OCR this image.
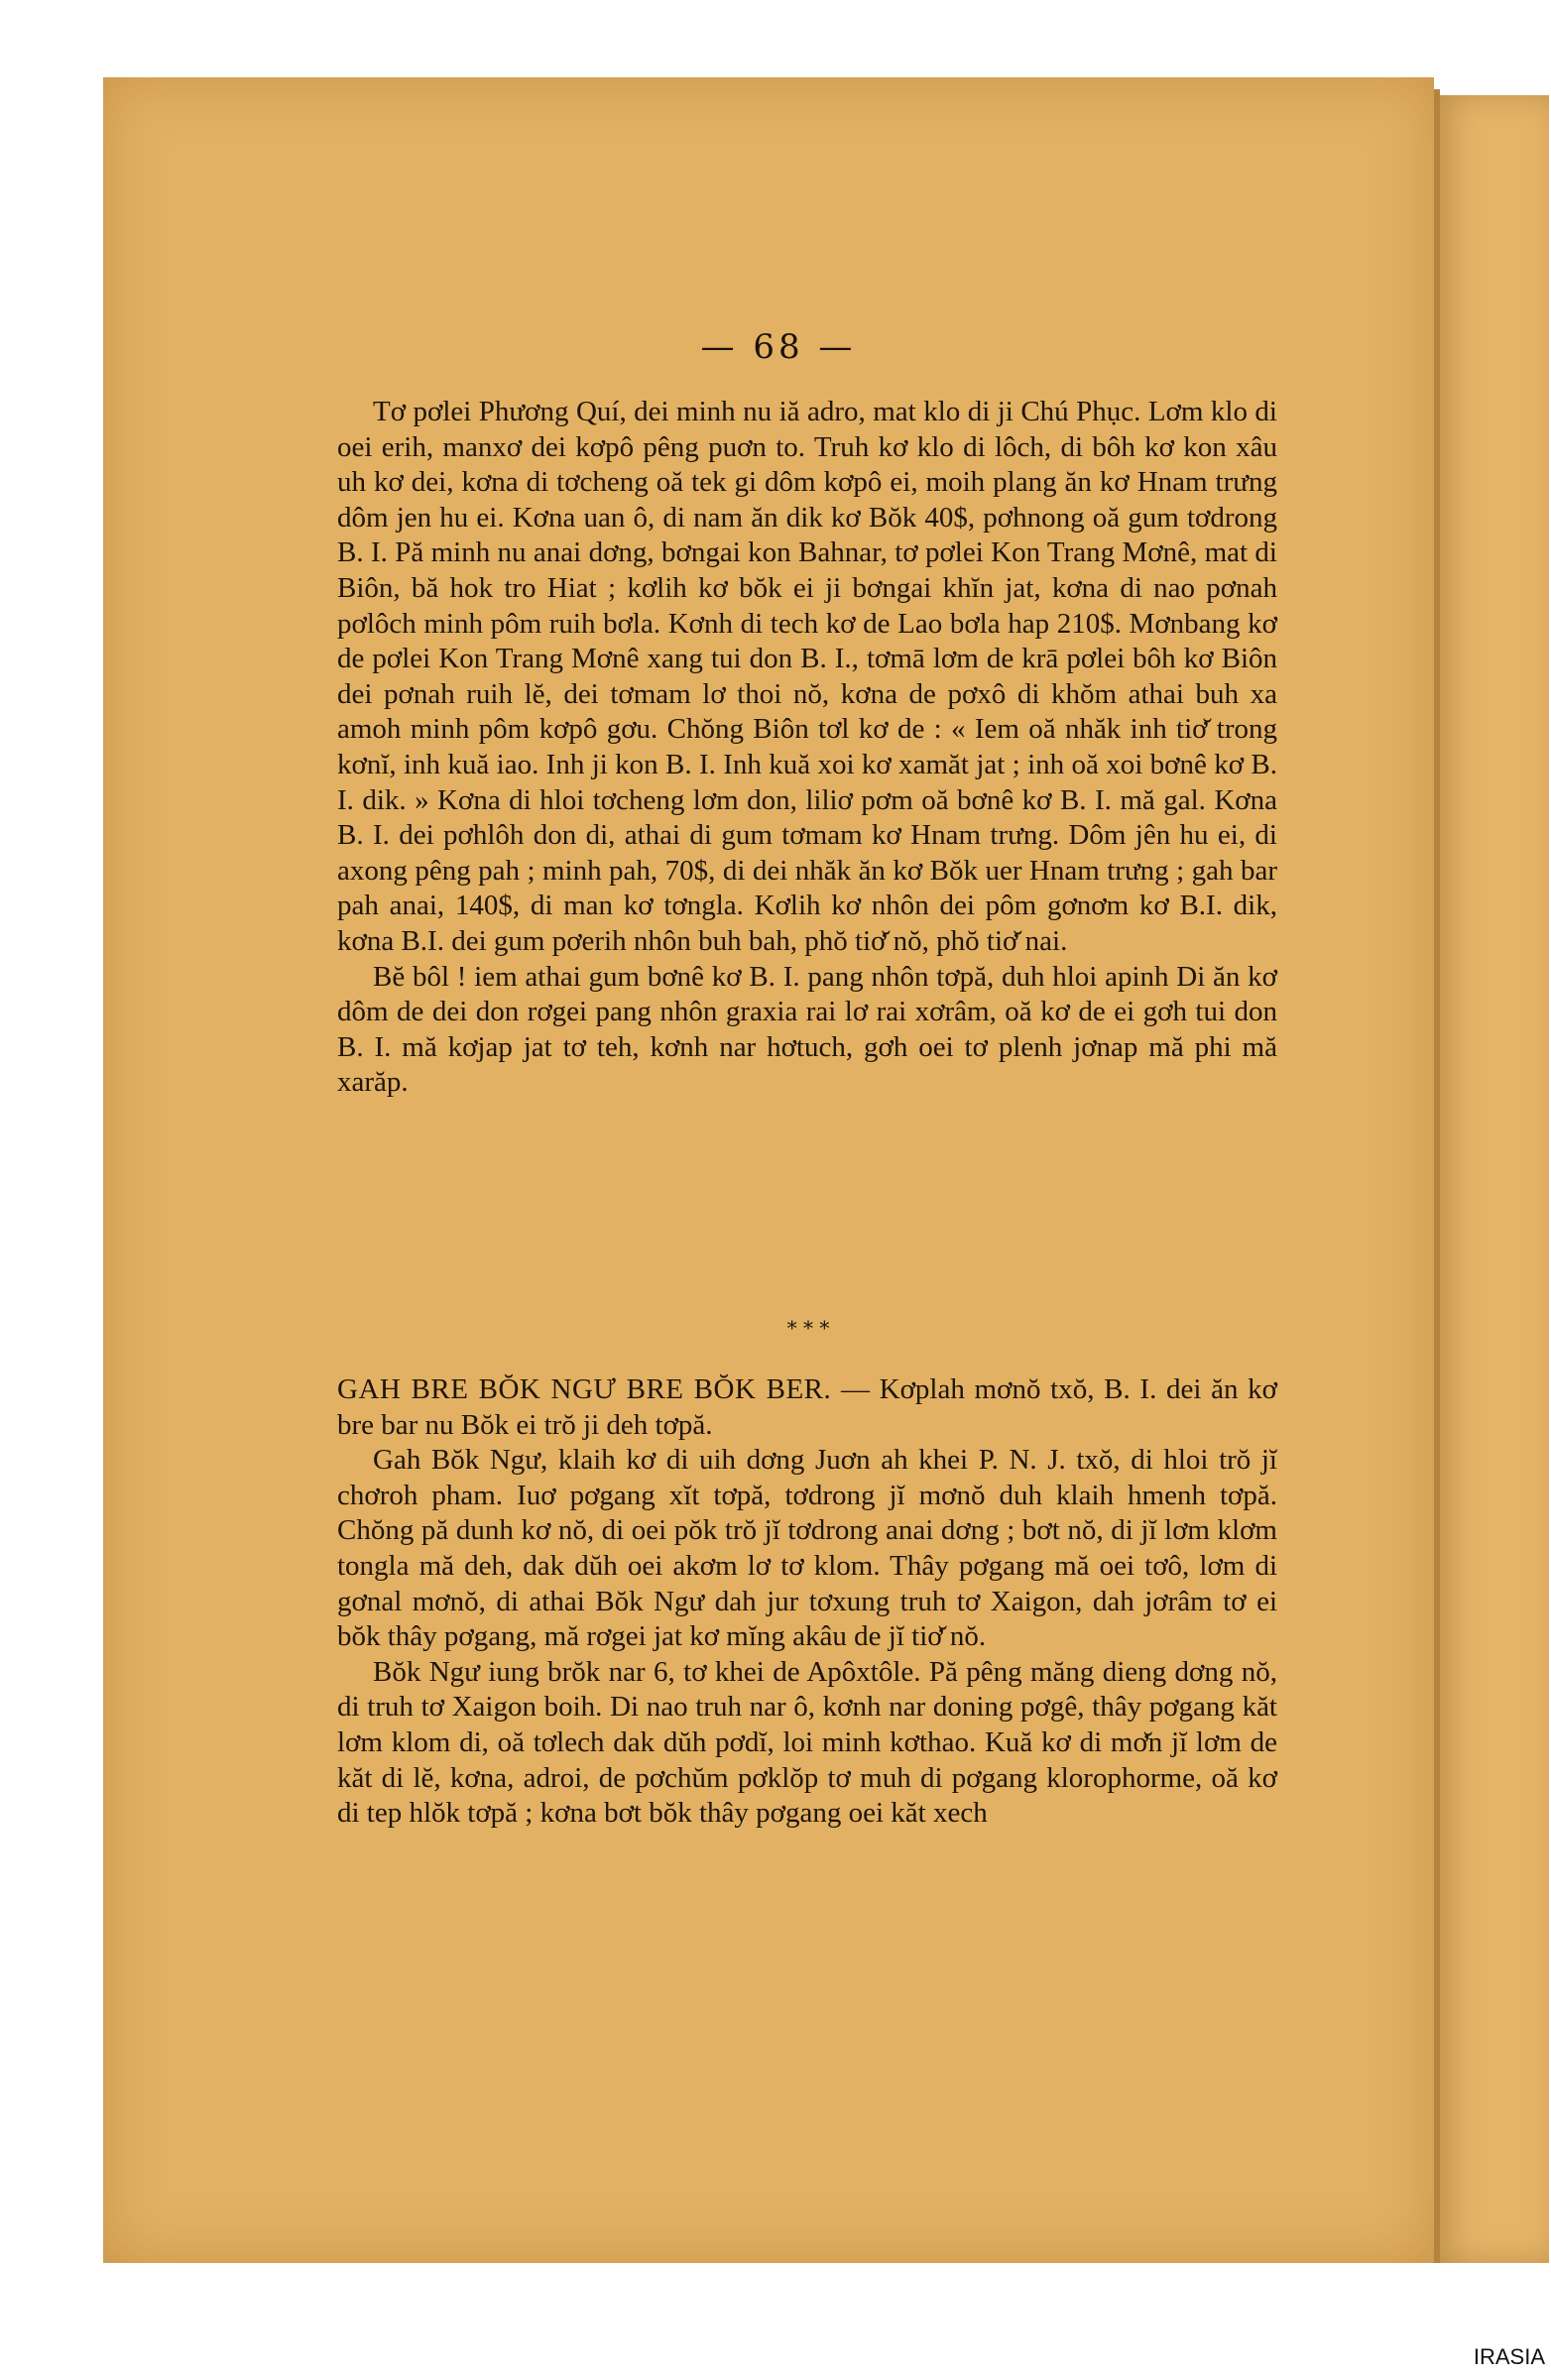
— 68 —

Tơ pơlei Phương Quí, dei minh nu iă adro, mat klo di ji Chú Phục. Lơm klo di oei erih, manxơ dei kơpô pêng puơn to. Truh kơ klo di lôch, di bôh kơ kon xâu uh kơ dei, kơna di tơcheng oă tek gi dôm kơpô ei, moih plang ăn kơ Hnam trưng dôm jen hu ei. Kơna uan ô, di nam ăn dik kơ Bŏk 40$, pơhnong oă gum tơdrong B. I. Pă minh nu anai dơng, bơngai kon Bahnar, tơ pơlei Kon Trang Mơnê, mat di Biôn, bă hok tro Hiat ; kơlih kơ bŏk ei ji bơngai khĭn jat, kơna di nao pơnah pơlôch minh pôm ruih bơla. Kơnh di tech kơ de Lao bơla hap 210$. Mơnbang kơ de pơlei Kon Trang Mơnê xang tui don B. I., tơmā lơm de krā pơlei bôh kơ Biôn dei pơnah ruih lĕ, dei tơmam lơ thoi nŏ, kơna de pơxô di khŏm athai buh xa amoh minh pôm kơpô gơu. Chŏng Biôn tơl kơ de : « Iem oă nhăk inh tiơ̆ trong kơnĭ, inh kuă iao. Inh ji kon B. I. Inh kuă xoi kơ xamăt jat ; inh oă xoi bơnê kơ B. I. dik. » Kơna di hloi tơcheng lơm don, liliơ pơm oă bơnê kơ B. I. mă gal. Kơna B. I. dei pơhlôh don di, athai di gum tơmam kơ Hnam trưng. Dôm jên hu ei, di axong pêng pah ; minh pah, 70$, di dei nhăk ăn kơ Bŏk uer Hnam trưng ; gah bar pah anai, 140$, di man kơ tơngla. Kơlih kơ nhôn dei pôm gơnơm kơ B.I. dik, kơna B.I. dei gum pơerih nhôn buh bah, phŏ tiơ̆ nŏ, phŏ tiơ̆ nai.

Bĕ bôl ! iem athai gum bơnê kơ B. I. pang nhôn tơpă, duh hloi apinh Di ăn kơ dôm de dei don rơgei pang nhôn graxia rai lơ rai xơrâm, oă kơ de ei gơh tui don B. I. mă kơjap jat tơ teh, kơnh nar hơtuch, gơh oei tơ plenh jơnap mă phi mă xarăp.

* * *

GAH BRE BŎK NGƯ BRE BŎK BER. — Kơplah mơnŏ txŏ, B. I. dei ăn kơ bre bar nu Bŏk ei trŏ ji deh tơpă.

Gah Bŏk Ngư, klaih kơ di uih dơng Juơn ah khei P. N. J. txŏ, di hloi trŏ jĭ chơroh pham. Iuơ pơgang xĭt tơpă, tơdrong jĭ mơnŏ duh klaih hmenh tơpă. Chŏng pă dunh kơ nŏ, di oei pŏk trŏ jĭ tơdrong anai dơng ; bơt nŏ, di jĭ lơm klơm tongla mă deh, dak dŭh oei akơm lơ tơ klom. Thây pơgang mă oei tơô, lơm di gơnal mơnŏ, di athai Bŏk Ngư dah jur tơxung truh tơ Xaigon, dah jơrâm tơ ei bŏk thây pơgang, mă rơgei jat kơ mĭng akâu de jĭ tiơ̆ nŏ.

Bŏk Ngư iung brŏk nar 6, tơ khei de Apôxtôle. Pă pêng măng dieng dơng nŏ, di truh tơ Xaigon boih. Di nao truh nar ô, kơnh nar doning pơgê, thây pơgang kăt lơm klom di, oă tơlech dak dŭh pơdĭ, loi minh kơthao. Kuă kơ di mơ̆n jĭ lơm de kăt di lĕ, kơna, adroi, de pơchŭm pơklŏp tơ muh di pơgang klorophorme, oă kơ di tep hlŏk tơpă ; kơna bơt bŏk thây pơgang oei kăt xech

IRASIA
